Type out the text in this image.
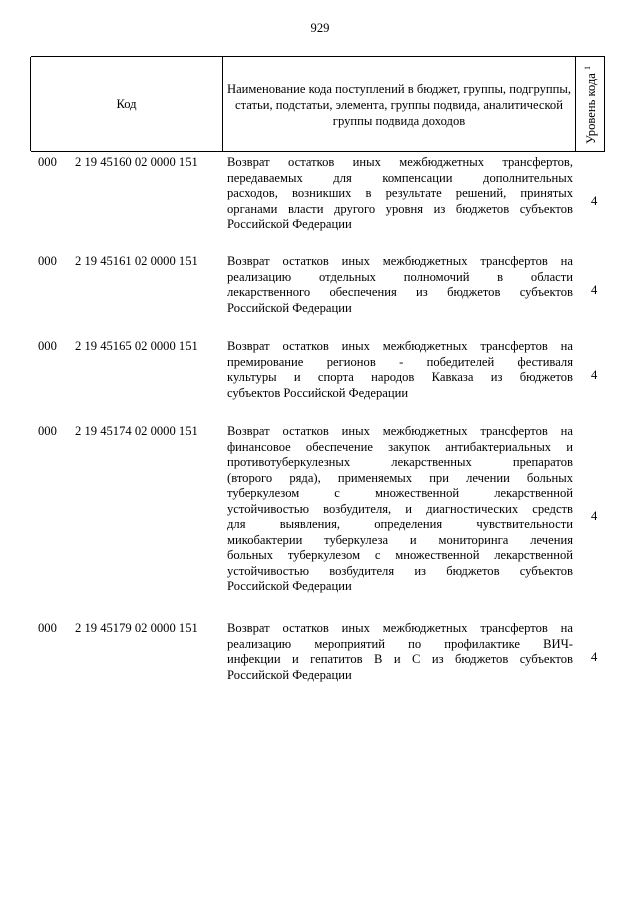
929
Код
Наименование кода поступлений в бюджет, группы, подгруппы, статьи, подстатьи, элемента, группы подвида, аналитической группы подвида доходов	Уровень кода $^1$
000 2 19 45160 02 0000 151 Возврат остатков иных межбюджетных трансфертов,
передаваемых для компенсации дополнительных
расходов, возникших в результате решений, принятых
органами власти другого уровня из бюджетов субъектов
Российской Федерации
4
000 2 19 45161 02 0000 151 Возврат остатков иных межбюджетных трансфертов на
реализацию отдельных полномочий в области
лекарственного обеспечения из бюджетов субъектов
Российской Федерации
4
000 2 19 45165 02 0000 151 Возврат остатков иных межбюджетных трансфертов на
премирование регионов - победителей фестиваля
культуры и спорта народов Кавказа из бюджетов
субъектов Российской Федерации
4
000 2 19 45174 02 0000 151 Возврат остатков иных межбюджетных трансфертов на
финансовое обеспечение закупок антибактериальных и
противотуберкулезных лекарственных препаратов
(второго ряда), применяемых при лечении больных
туберкулезом с множественной лекарственной
устойчивостью возбудителя, и диагностических средств
для выявления, определения чувствительности
микобактерии туберкулеза и мониторинга лечения
больных туберкулезом с множественной лекарственной
устойчивостью возбудителя из бюджетов субъектов
Российской Федерации
4
000 2 19 45179 02 0000 151 Возврат остатков иных межбюджетных трансфертов на
реализацию мероприятий по профилактике ВИЧ-
инфекции и гепатитов B и C из бюджетов субъектов
Российской Федерации
4
